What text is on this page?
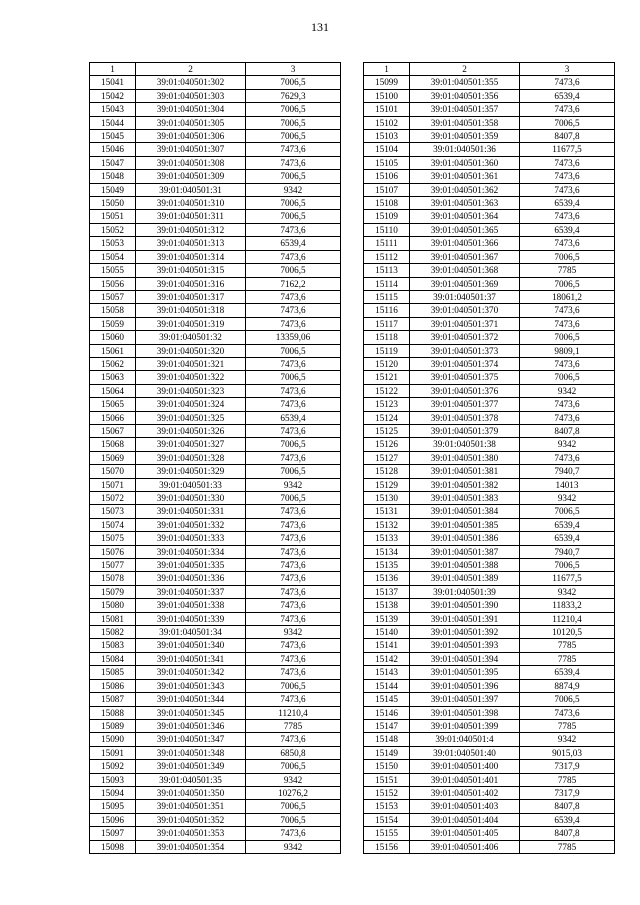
131
1	2	3
15041	39:01:040501:302	7006,5
15042	39:01:040501:303	7629,3
15043	39:01:040501:304	7006,5
15044	39:01:040501:305	7006,5
15045	39:01:040501:306	7006,5
15046	39:01:040501:307	7473,6
15047	39:01:040501:308	7473,6
15048	39:01:040501:309	7006,5
15049	39:01:040501:31	9342
15050	39:01:040501:310	7006,5
15051	39:01:040501:311	7006,5
15052	39:01:040501:312	7473,6
15053	39:01:040501:313	6539,4
15054	39:01:040501:314	7473,6
15055	39:01:040501:315	7006,5
15056	39:01:040501:316	7162,2
15057	39:01:040501:317	7473,6
15058	39:01:040501:318	7473,6
15059	39:01:040501:319	7473,6
15060	39:01:040501:32	13359,06
15061	39:01:040501:320	7006,5
15062	39:01:040501:321	7473,6
15063	39:01:040501:322	7006,5
15064	39:01:040501:323	7473,6
15065	39:01:040501:324	7473,6
15066	39:01:040501:325	6539,4
15067	39:01:040501:326	7473,6
15068	39:01:040501:327	7006,5
15069	39:01:040501:328	7473,6
15070	39:01:040501:329	7006,5
15071	39:01:040501:33	9342
15072	39:01:040501:330	7006,5
15073	39:01:040501:331	7473,6
15074	39:01:040501:332	7473,6
15075	39:01:040501:333	7473,6
15076	39:01:040501:334	7473,6
15077	39:01:040501:335	7473,6
15078	39:01:040501:336	7473,6
15079	39:01:040501:337	7473,6
15080	39:01:040501:338	7473,6
15081	39:01:040501:339	7473,6
15082	39:01:040501:34	9342
15083	39:01:040501:340	7473,6
15084	39:01:040501:341	7473,6
15085	39:01:040501:342	7473,6
15086	39:01:040501:343	7006,5
15087	39:01:040501:344	7473,6
15088	39:01:040501:345	11210,4
15089	39:01:040501:346	7785
15090	39:01:040501:347	7473,6
15091	39:01:040501:348	6850,8
15092	39:01:040501:349	7006,5
15093	39:01:040501:35	9342
15094	39:01:040501:350	10276,2
15095	39:01:040501:351	7006,5
15096	39:01:040501:352	7006,5
15097	39:01:040501:353	7473,6
15098	39:01:040501:354	9342
1	2	3
15099	39:01:040501:355	7473,6
15100	39:01:040501:356	6539,4
15101	39:01:040501:357	7473,6
15102	39:01:040501:358	7006,5
15103	39:01:040501:359	8407,8
15104	39:01:040501:36	11677,5
15105	39:01:040501:360	7473,6
15106	39:01:040501:361	7473,6
15107	39:01:040501:362	7473,6
15108	39:01:040501:363	6539,4
15109	39:01:040501:364	7473,6
15110	39:01:040501:365	6539,4
15111	39:01:040501:366	7473,6
15112	39:01:040501:367	7006,5
15113	39:01:040501:368	7785
15114	39:01:040501:369	7006,5
15115	39:01:040501:37	18061,2
15116	39:01:040501:370	7473,6
15117	39:01:040501:371	7473,6
15118	39:01:040501:372	7006,5
15119	39:01:040501:373	9809,1
15120	39:01:040501:374	7473,6
15121	39:01:040501:375	7006,5
15122	39:01:040501:376	9342
15123	39:01:040501:377	7473,6
15124	39:01:040501:378	7473,6
15125	39:01:040501:379	8407,8
15126	39:01:040501:38	9342
15127	39:01:040501:380	7473,6
15128	39:01:040501:381	7940,7
15129	39:01:040501:382	14013
15130	39:01:040501:383	9342
15131	39:01:040501:384	7006,5
15132	39:01:040501:385	6539,4
15133	39:01:040501:386	6539,4
15134	39:01:040501:387	7940,7
15135	39:01:040501:388	7006,5
15136	39:01:040501:389	11677,5
15137	39:01:040501:39	9342
15138	39:01:040501:390	11833,2
15139	39:01:040501:391	11210,4
15140	39:01:040501:392	10120,5
15141	39:01:040501:393	7785
15142	39:01:040501:394	7785
15143	39:01:040501:395	6539,4
15144	39:01:040501:396	8874,9
15145	39:01:040501:397	7006,5
15146	39:01:040501:398	7473,6
15147	39:01:040501:399	7785
15148	39:01:040501:4	9342
15149	39:01:040501:40	9015,03
15150	39:01:040501:400	7317,9
15151	39:01:040501:401	7785
15152	39:01:040501:402	7317,9
15153	39:01:040501:403	8407,8
15154	39:01:040501:404	6539,4
15155	39:01:040501:405	8407,8
15156	39:01:040501:406	7785
